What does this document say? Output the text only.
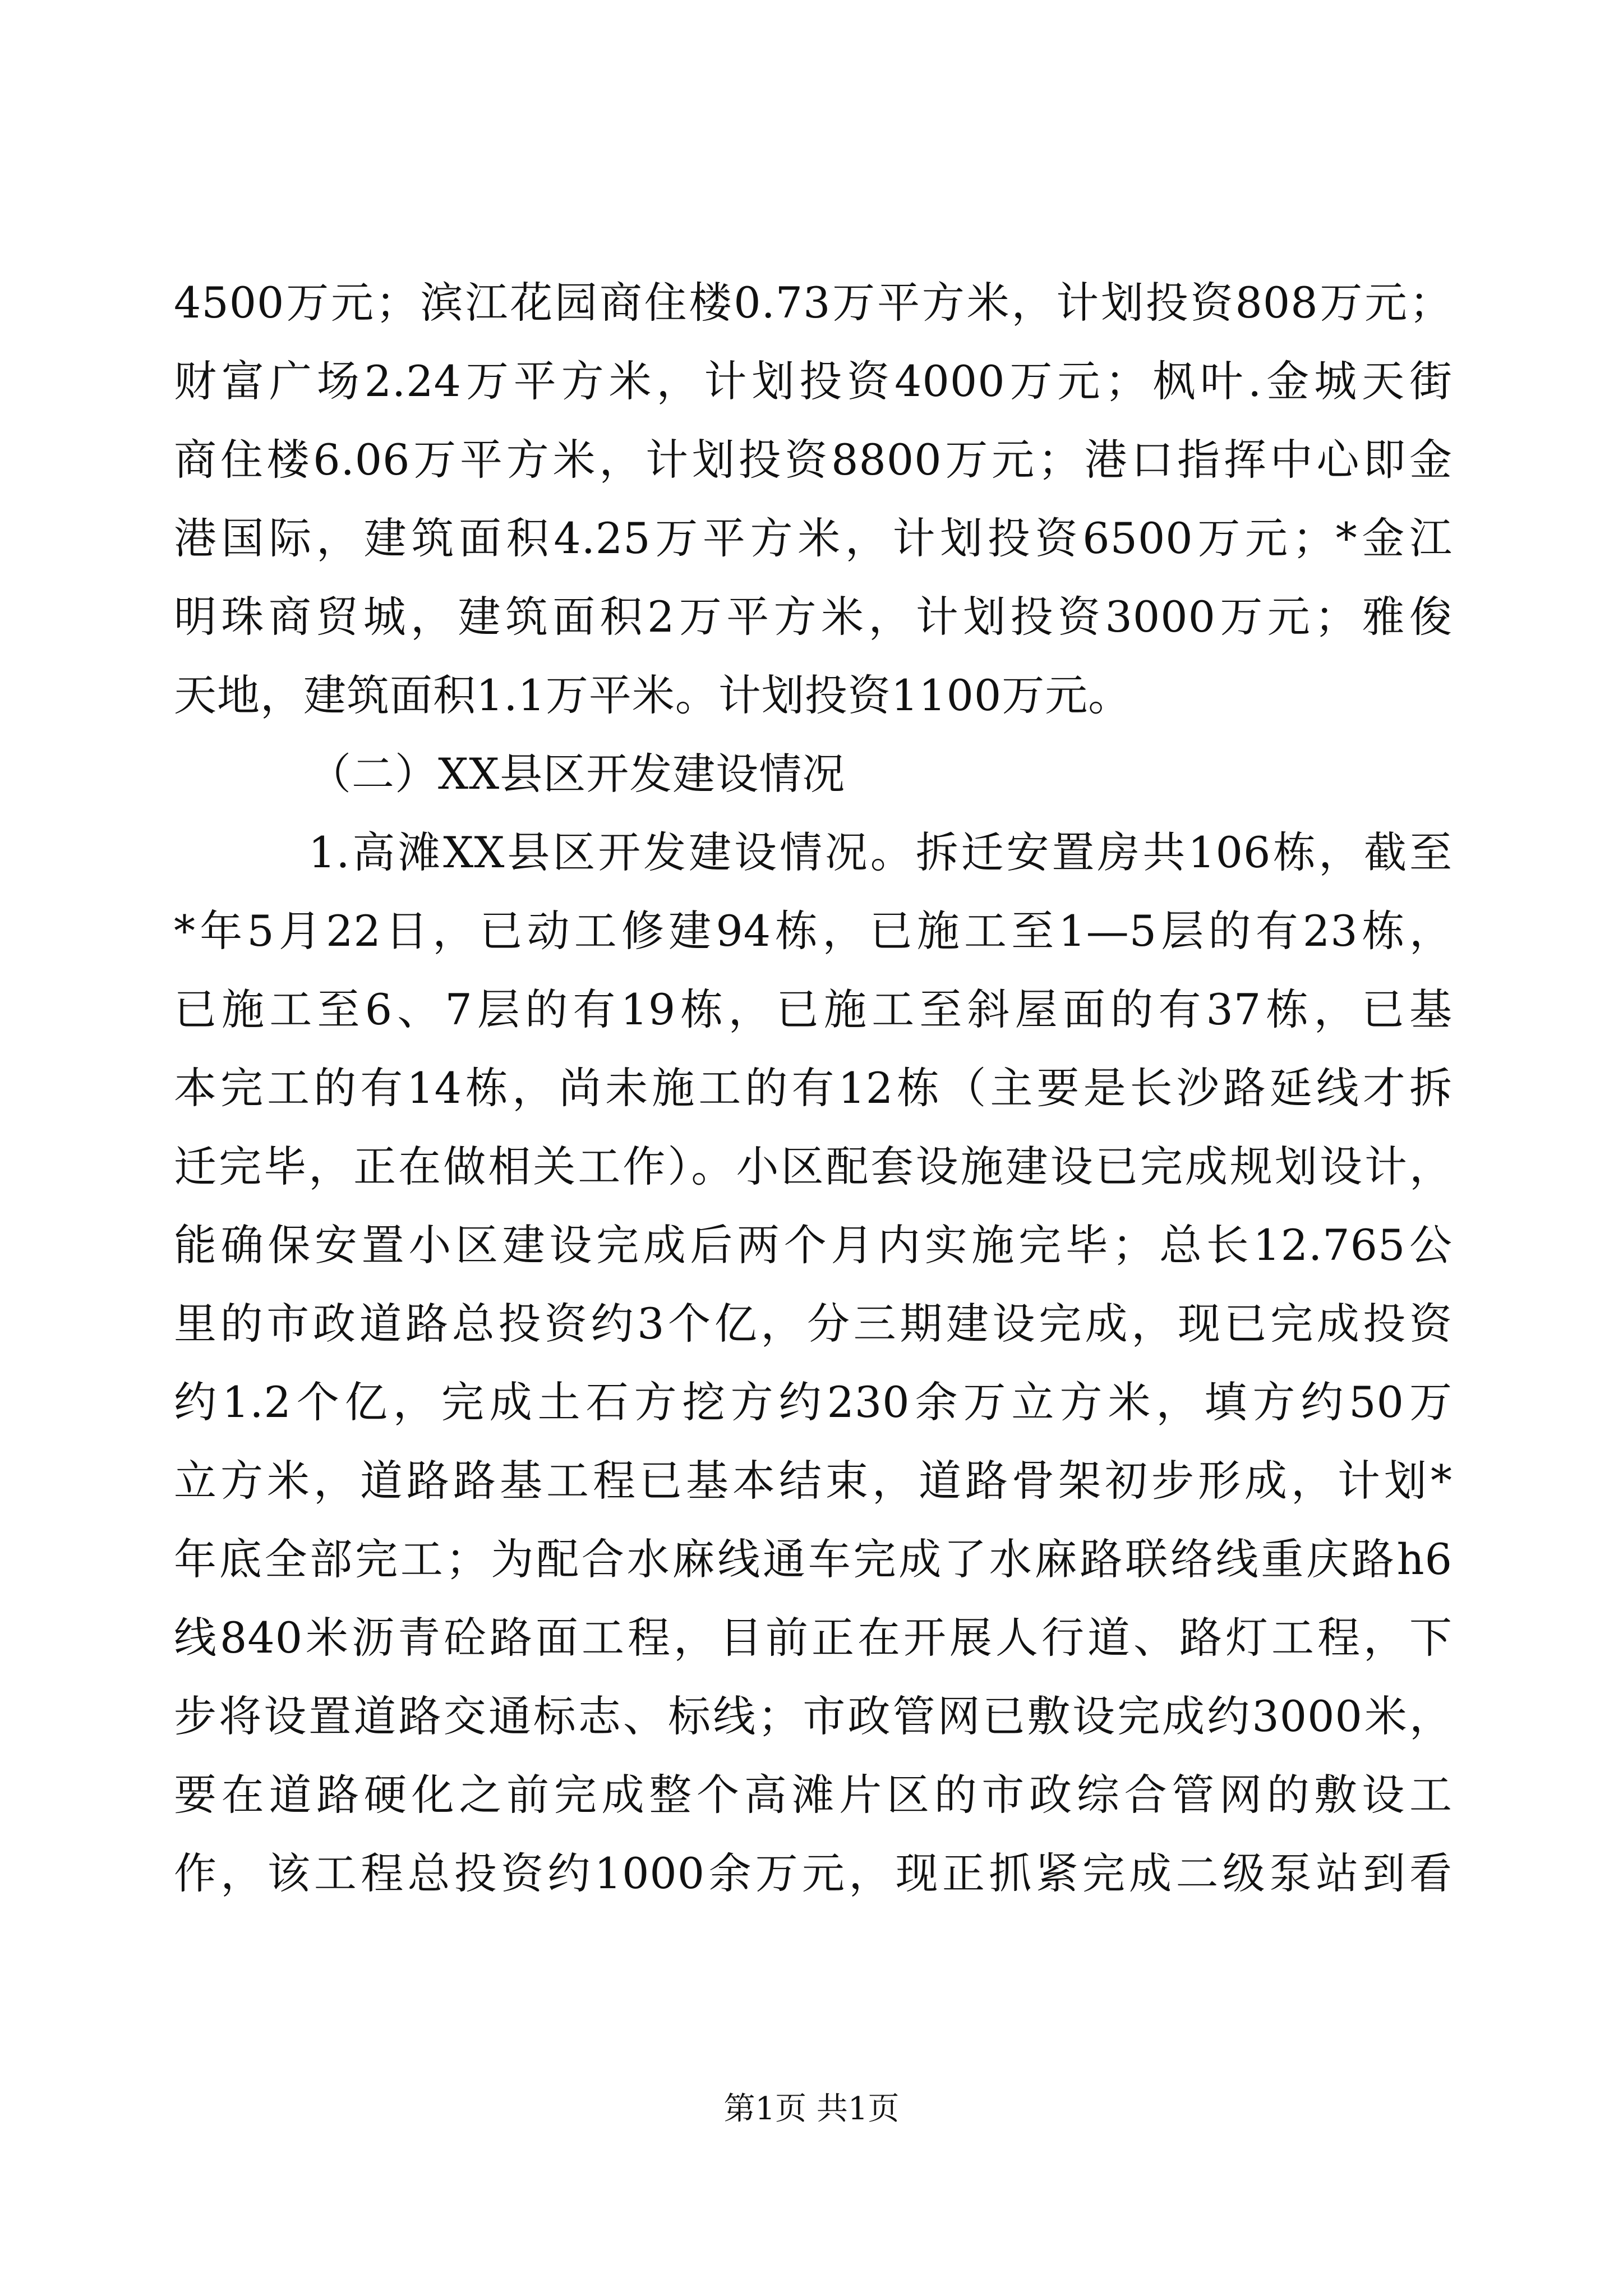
4500万元；滨江花园商住楼0.73万平方米，计划投资808万元；
财富广场2.24万平方米，计划投资4000万元；枫叶.金城天街
商住楼6.06万平方米，计划投资8800万元；港口指挥中心即金
港国际，建筑面积4.25万平方米，计划投资6500万元；*金江
明珠商贸城，建筑面积2万平方米，计划投资3000万元；雅俊
天地，建筑面积1.1万平米。计划投资1100万元。
（二）XX县区开发建设情况
1.高滩XX县区开发建设情况。拆迁安置房共106栋，截至
*年5月22日，已动工修建94栋，已施工至1—5层的有23栋，
已施工至6、7层的有19栋，已施工至斜屋面的有37栋，已基
本完工的有14栋，尚未施工的有12栋（主要是长沙路延线才拆
迁完毕，正在做相关工作）。小区配套设施建设已完成规划设计，
能确保安置小区建设完成后两个月内实施完毕；总长12.765公
里的市政道路总投资约3个亿，分三期建设完成，现已完成投资
约1.2个亿，完成土石方挖方约230余万立方米，填方约50万
立方米，道路路基工程已基本结束，道路骨架初步形成，计划*
年底全部完工；为配合水麻线通车完成了水麻路联络线重庆路h6
线840米沥青砼路面工程，目前正在开展人行道、路灯工程，下
步将设置道路交通标志、标线；市政管网已敷设完成约3000米，
要在道路硬化之前完成整个高滩片区的市政综合管网的敷设工
作，该工程总投资约1000余万元，现正抓紧完成二级泵站到看
第1页 共1页
